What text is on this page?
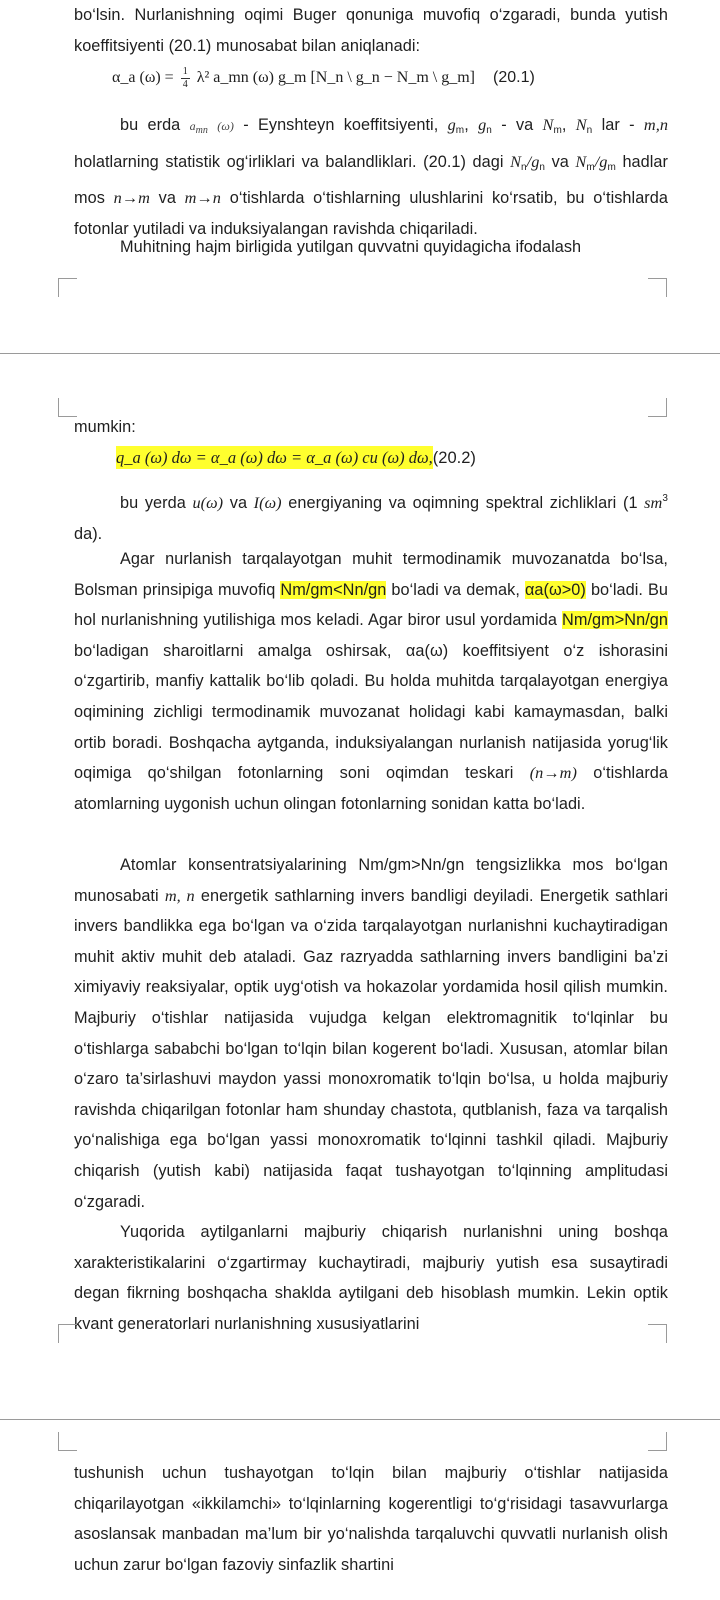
bo‘lsin. Nurlanishning oqimi Buger qonuniga muvofiq o‘zgaradi, bunda yutish koeffitsiyenti (20.1) munosabat bilan aniqlanadi:

α_a $(\omega) = \frac{1}{4} \lambda^2$ a_mn (ω) g_m [N_n \ g_n − N_m \ g_m] (20.1)

bu erda $a_{mn}$ (ω) - Eynshteyn koeffitsiyenti, $g_m$, $g_n$ - va $N_m$, $N_n$ lar - m,n holatlarning statistik og‘irliklari va balandliklari. (20.1) dagi $N_n/g_n$ va $N_m/g_m$ hadlar mos n→m va m→n o‘tishlarda o‘tishlarning ulushlarini ko‘rsatib, bu o‘tishlarda fotonlar yutiladi va induksiyalangan ravishda chiqariladi.

Muhitning hajm birligida yutilgan quvvatni quyidagicha ifodalash

mumkin:

q_a (ω) dω = α_a (ω) dω = α_a (ω) cu (ω) dω,(20.2)

bu yerda u(ω) va I(ω) energiyaning va oqimning spektral zichliklari (1 $sm^3$ da).

Agar nurlanish tarqalayotgan muhit termodinamik muvozanatda bo‘lsa, Bolsman prinsipiga muvofiq Nm/gm<Nn/gn bo‘ladi va demak, αa(ω>0) bo‘ladi. Bu hol nurlanishning yutilishiga mos keladi. Agar biror usul yordamida Nm/gm>Nn/gn bo‘ladigan sharoitlarni amalga oshirsak, αa(ω) koeffitsiyent o‘z ishorasini o‘zgartirib, manfiy kattalik bo‘lib qoladi. Bu holda muhitda tarqalayotgan energiya oqimining zichligi termodinamik muvozanat holidagi kabi kamaymasdan, balki ortib boradi. Boshqacha aytganda, induksiyalangan nurlanish natijasida yorug‘lik oqimiga qo‘shilgan fotonlarning soni oqimdan teskari (n→m) o‘tishlarda atomlarning uygonish uchun olingan fotonlarning sonidan katta bo‘ladi.

Atomlar konsentratsiyalarining Nm/gm>Nn/gn tengsizlikka mos bo‘lgan munosabati m, n energetik sathlarning invers bandligi deyiladi. Energetik sathlari invers bandlikka ega bo‘lgan va o‘zida tarqalayotgan nurlanishni kuchaytiradigan muhit aktiv muhit deb ataladi. Gaz razryadda sathlarning invers bandligini ba’zi ximiyaviy reaksiyalar, optik uyg‘otish va hokazolar yordamida hosil qilish mumkin. Majburiy o‘tishlar natijasida vujudga kelgan elektromagnitik to‘lqinlar bu o‘tishlarga sababchi bo‘lgan to‘lqin bilan kogerent bo‘ladi. Xususan, atomlar bilan o‘zaro ta’sirlashuvi maydon yassi monoxromatik to‘lqin bo‘lsa, u holda majburiy ravishda chiqarilgan fotonlar ham shunday chastota, qutblanish, faza va tarqalish yo‘nalishiga ega bo‘lgan yassi monoxromatik to‘lqinni tashkil qiladi. Majburiy chiqarish (yutish kabi) natijasida faqat tushayotgan to‘lqinning amplitudasi o‘zgaradi.

Yuqorida aytilganlarni majburiy chiqarish nurlanishni uning boshqa xarakteristikalarini o‘zgartirmay kuchaytiradi, majburiy yutish esa susaytiradi degan fikrning boshqacha shaklda aytilgani deb hisoblash mumkin. Lekin optik kvant generatorlari nurlanishning xususiyatlarini

tushunish uchun tushayotgan to‘lqin bilan majburiy o‘tishlar natijasida chiqarilayotgan «ikkilamchi» to‘lqinlarning kogerentligi to‘g‘risidagi tasavvurlarga asoslansak manbadan ma’lum bir yo‘nalishda tarqaluvchi quvvatli nurlanish olish uchun zarur bo‘lgan fazoviy sinfazlik shartini
